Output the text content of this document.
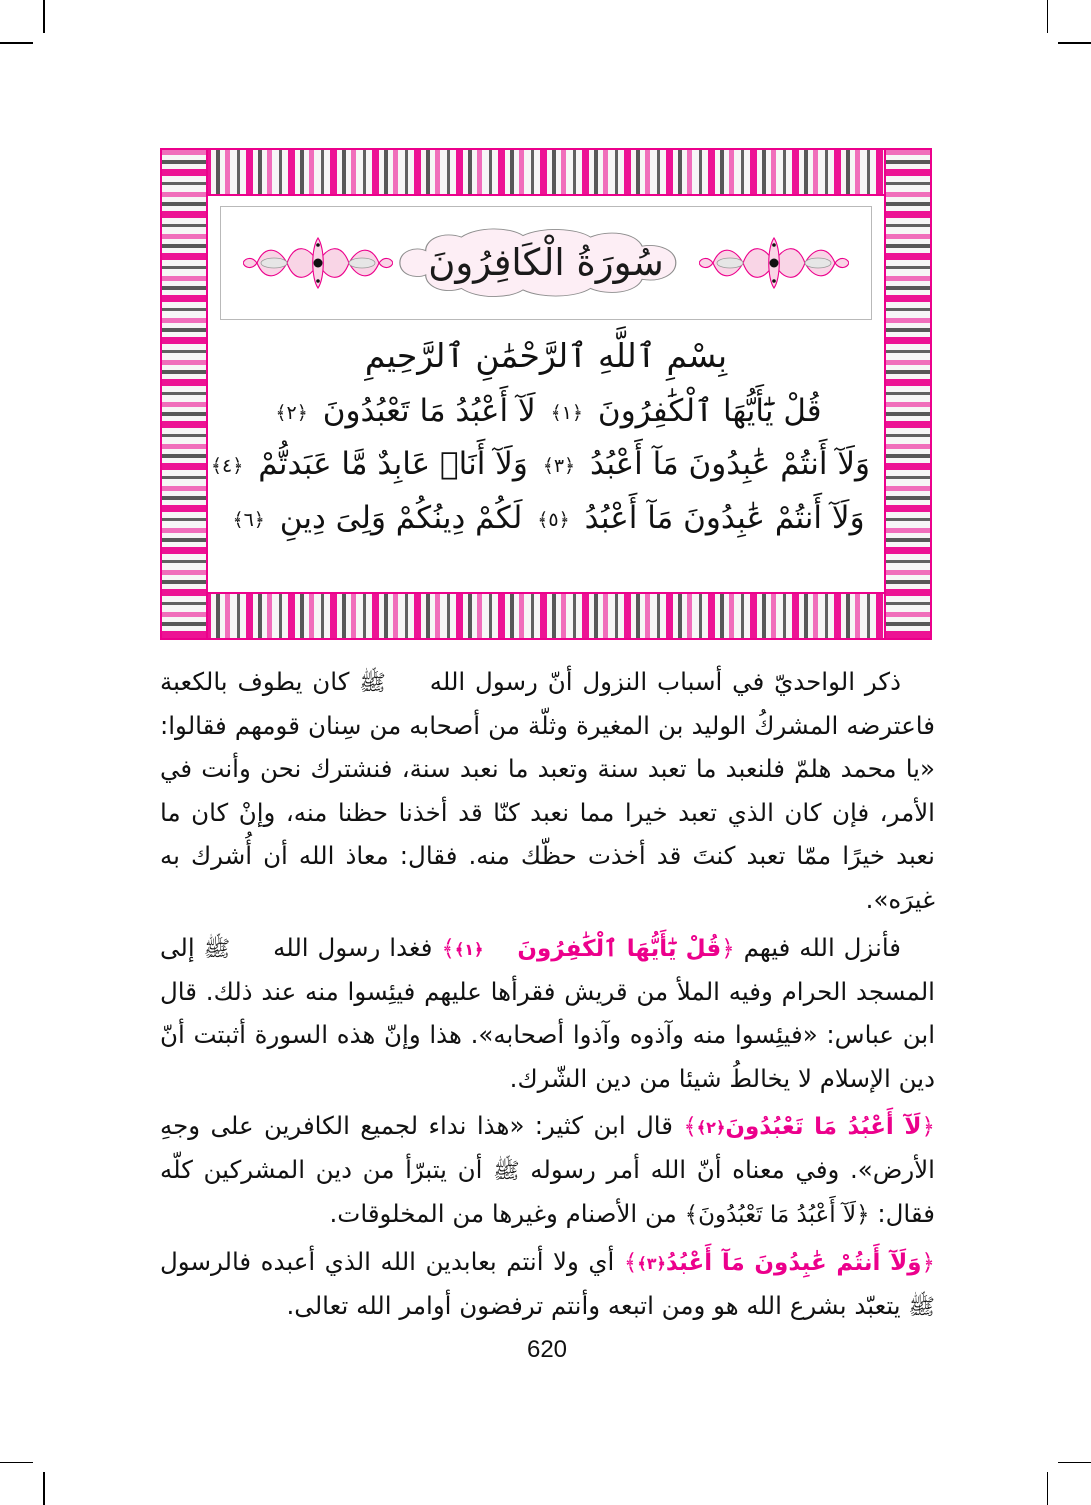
سُورَةُ الْكَافِرُونَ
بِسْمِ ٱللَّهِ ٱلرَّحْمَٰنِ ٱلرَّحِيمِ
قُلْ يَٰٓأَيُّهَا ٱلْكَٰفِرُونَ ﴿١﴾ لَآ أَعْبُدُ مَا تَعْبُدُونَ ﴿٢﴾
وَلَآ أَنتُمْ عَٰبِدُونَ مَآ أَعْبُدُ ﴿٣﴾ وَلَآ أَنَا۠ عَابِدٌ مَّا عَبَدتُّمْ ﴿٤﴾
وَلَآ أَنتُمْ عَٰبِدُونَ مَآ أَعْبُدُ ﴿٥﴾ لَكُمْ دِينُكُمْ وَلِىَ دِينِ ﴿٦﴾

ذكر الواحديّ في أسباب النزول أنّ رسول الله ﷺ كان يطوف بالكعبة فاعترضه المشركُ الوليد بن المغيرة وثلّة من أصحابه من سِنان قومهم فقالوا: «يا محمد هلمّ فلنعبد ما تعبد سنة وتعبد ما نعبد سنة، فنشترك نحن وأنت في الأمر، فإن كان الذي تعبد خيرا مما نعبد كنّا قد أخذنا حظنا منه، وإنْ كان ما نعبد خيرًا ممّا تعبد كنتَ قد أخذت حظّك منه. فقال: معاذ الله أن أُشرك به غيرَه».

فأنزل الله فيهم ﴿قُلْ يَٰٓأَيُّهَا ٱلْكَٰفِرُونَ﴿١﴾﴾ فغدا رسول الله ﷺ إلى المسجد الحرام وفيه الملأ من قريش فقرأها عليهم فيئِسوا منه عند ذلك. قال ابن عباس: «فيئِسوا منه وآذوه وآذوا أصحابه». هذا وإنّ هذه السورة أثبتت أنّ دين الإسلام لا يخالطُ شيئا من دين الشّرك.

﴿لَآ أَعْبُدُ مَا تَعْبُدُونَ﴿٢﴾﴾ قال ابن كثير: «هذا نداء لجميع الكافرين على وجهِ الأرض». وفي معناه أنّ الله أمر رسوله ﷺ أن يتبرّأ من دين المشركين كلّه فقال: ﴿لَآ أَعْبُدُ مَا تَعْبُدُونَ﴾ من الأصنام وغيرها من المخلوقات.

﴿وَلَآ أَنتُمْ عَٰبِدُونَ مَآ أَعْبُدُ﴿٣﴾﴾ أي ولا أنتم بعابدين الله الذي أعبده فالرسول ﷺ يتعبّد بشرع الله هو ومن اتبعه وأنتم ترفضون أوامر الله تعالى.

620
